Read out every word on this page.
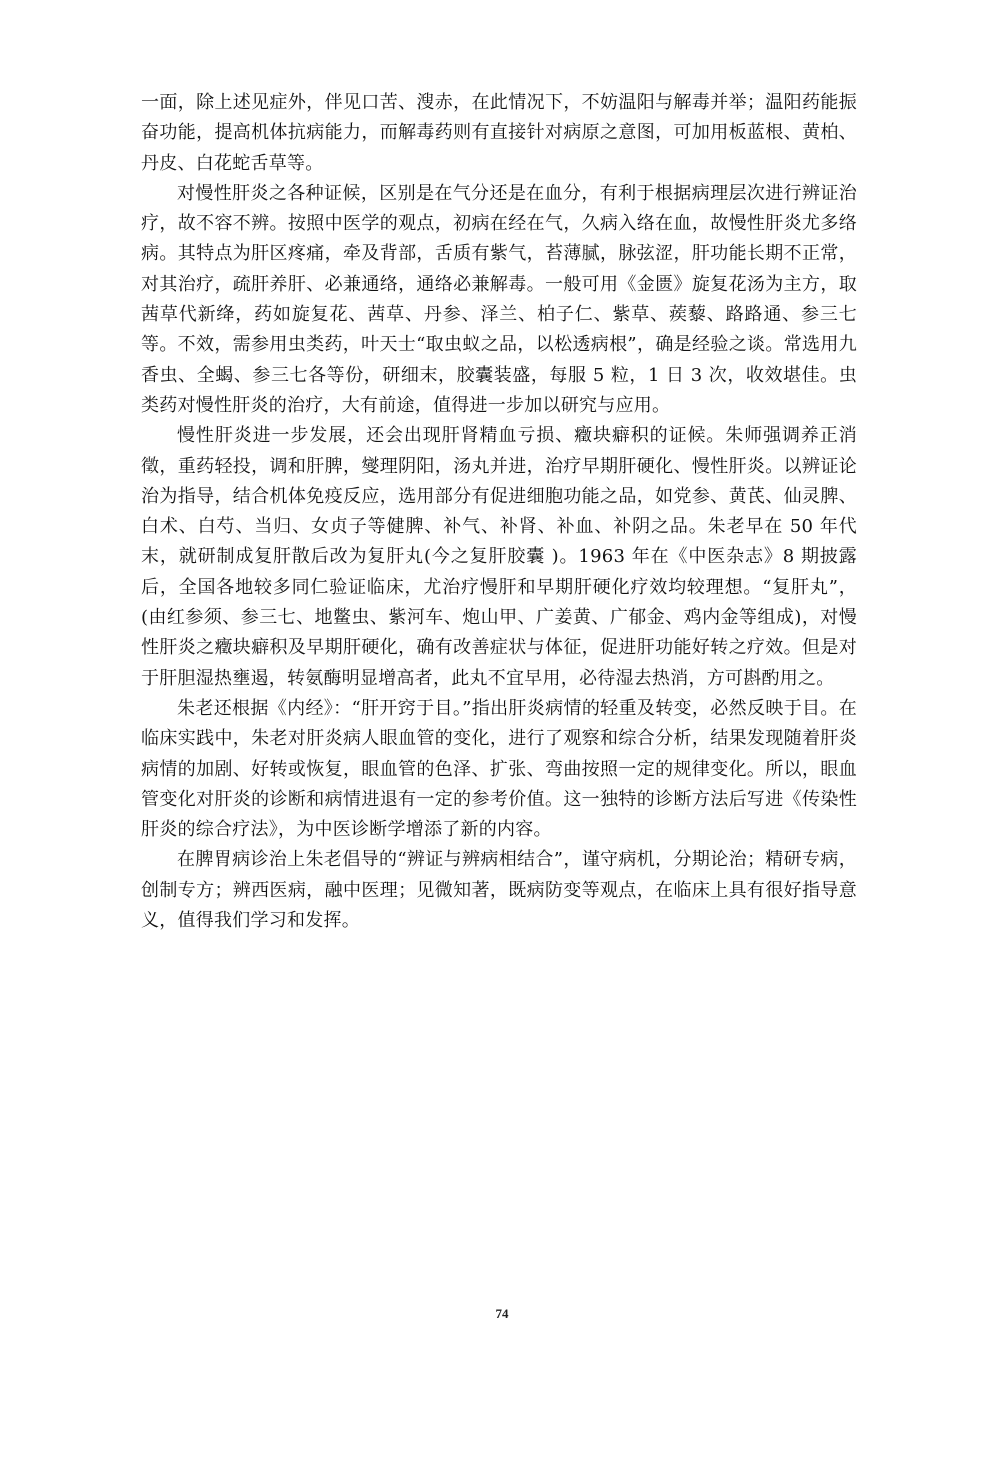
一面，除上述见症外，伴见口苦、溲赤，在此情况下，不妨温阳与解毒并举；温阳药能振奋功能，提高机体抗病能力，而解毒药则有直接针对病原之意图，可加用板蓝根、黄柏、丹皮、白花蛇舌草等。

对慢性肝炎之各种证候，区别是在气分还是在血分，有利于根据病理层次进行辨证治疗，故不容不辨。按照中医学的观点，初病在经在气，久病入络在血，故慢性肝炎尤多络病。其特点为肝区疼痛，牵及背部，舌质有紫气，苔薄腻，脉弦涩，肝功能长期不正常，对其治疗，疏肝养肝、必兼通络，通络必兼解毒。一般可用《金匮》旋复花汤为主方，取茜草代新绛，药如旋复花、茜草、丹参、泽兰、柏子仁、紫草、蒺藜、路路通、参三七等。不效，需参用虫类药，叶天士“取虫蚁之品，以松透病根”，确是经验之谈。常选用九香虫、全蝎、参三七各等份，研细末，胶囊装盛，每服 5 粒，1 日 3 次，收效堪佳。虫类药对慢性肝炎的治疗，大有前途，值得进一步加以研究与应用。

慢性肝炎进一步发展，还会出现肝肾精血亏损、癥块癖积的证候。朱师强调养正消徵，重药轻投，调和肝脾，燮理阴阳，汤丸并进，治疗早期肝硬化、慢性肝炎。以辨证论治为指导，结合机体免疫反应，选用部分有促进细胞功能之品，如党参、黄芪、仙灵脾、白术、白芍、当归、女贞子等健脾、补气、补肾、补血、补阴之品。朱老早在 50 年代末，就研制成复肝散后改为复肝丸(今之复肝胶囊 )。1963 年在《中医杂志》8 期披露后，全国各地较多同仁验证临床，尤治疗慢肝和早期肝硬化疗效均较理想。“复肝丸”，(由红参须、参三七、地鳖虫、紫河车、炮山甲、广姜黄、广郁金、鸡内金等组成)，对慢性肝炎之癥块癖积及早期肝硬化，确有改善症状与体征，促进肝功能好转之疗效。但是对于肝胆湿热壅遏，转氨酶明显增高者，此丸不宜早用，必待湿去热消，方可斟酌用之。

朱老还根据《内经》：“肝开窍于目。”指出肝炎病情的轻重及转变，必然反映于目。在临床实践中，朱老对肝炎病人眼血管的变化，进行了观察和综合分析，结果发现随着肝炎病情的加剧、好转或恢复，眼血管的色泽、扩张、弯曲按照一定的规律变化。所以，眼血管变化对肝炎的诊断和病情进退有一定的参考价值。这一独特的诊断方法后写进《传染性肝炎的综合疗法》，为中医诊断学增添了新的内容。

在脾胃病诊治上朱老倡导的“辨证与辨病相结合”，谨守病机，分期论治；精研专病，创制专方；辨西医病，融中医理；见微知著，既病防变等观点，在临床上具有很好指导意义，值得我们学习和发挥。

74
